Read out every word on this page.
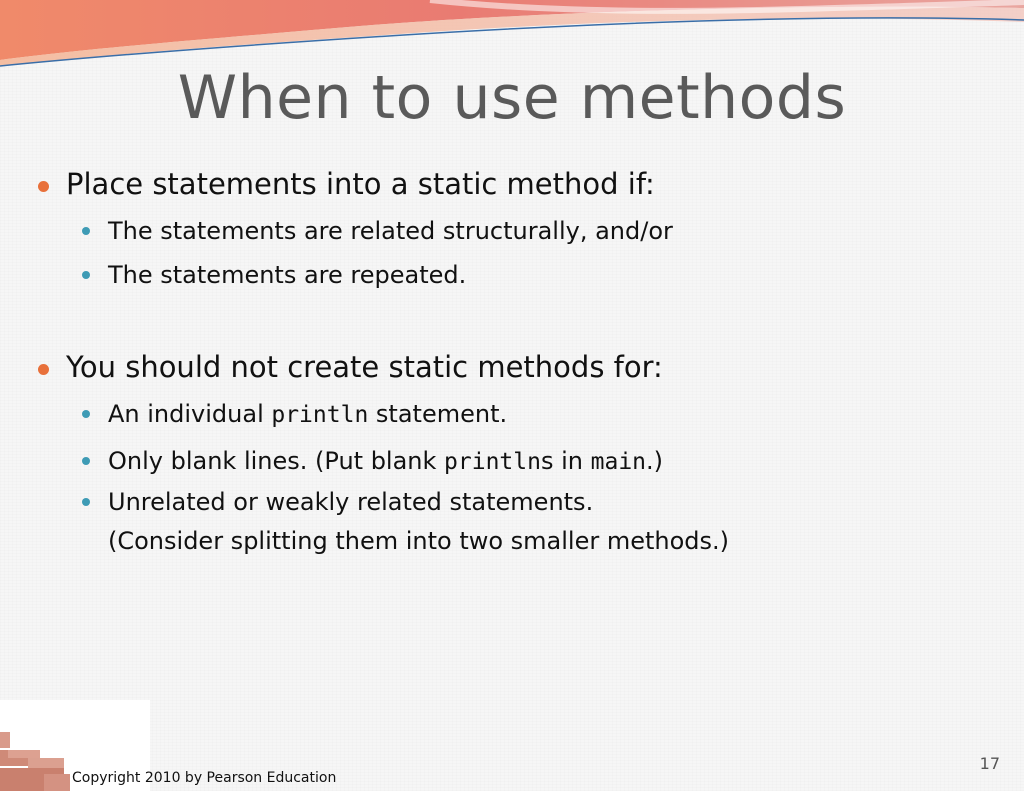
When to use methods
Place statements into a static method if:
The statements are related structurally, and/or
The statements are repeated.
You should not create static methods for:
An individual println statement.
Only blank lines. (Put blank printlns in main.)
Unrelated or weakly related statements.
(Consider splitting them into two smaller methods.)
Copyright 2010 by Pearson Education
17
